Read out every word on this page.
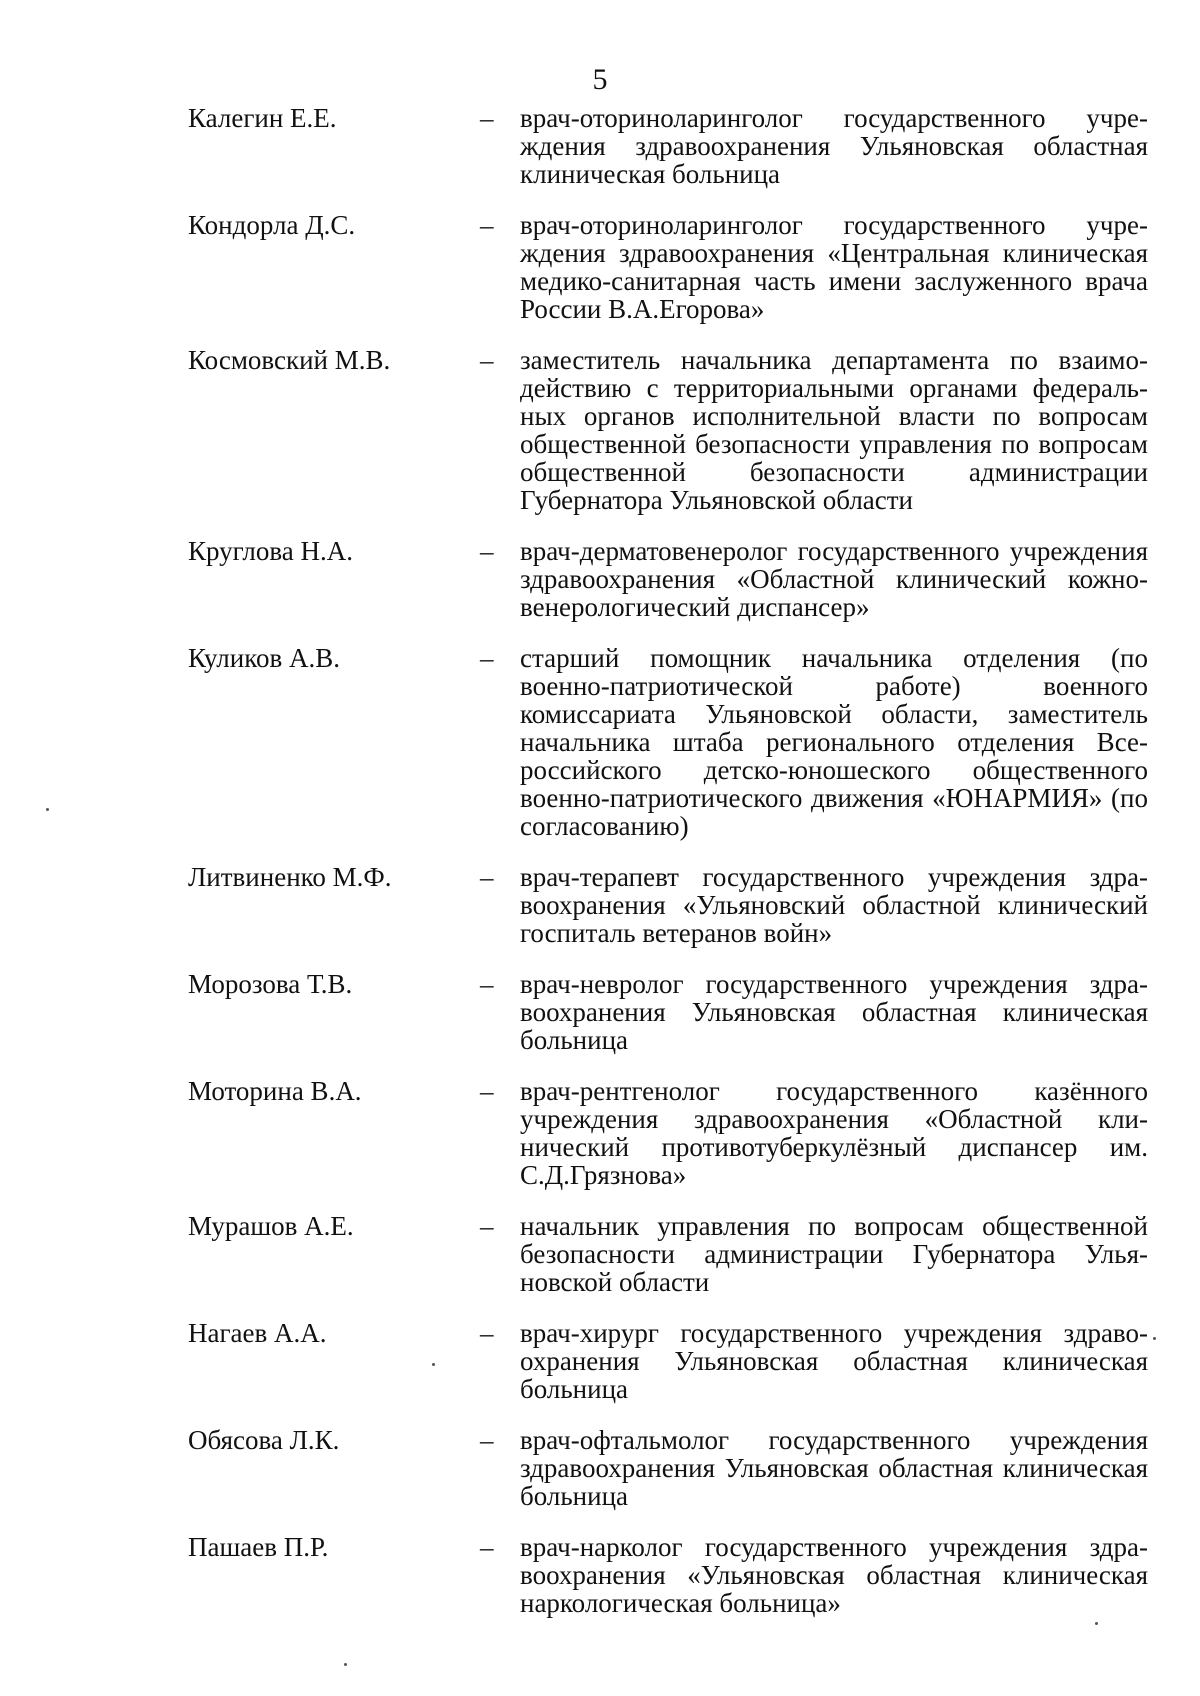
5
Калегин Е.Е.	– врач-оториноларинголог государственного учреждения здравоохранения Ульяновская областная клиническая больница
Кондорла Д.С.	– врач-оториноларинголог государственного учреждения здравоохранения «Центральная клиническая медико-санитарная часть имени заслуженного врача России В.А.Егорова»
Космовский М.В.	– заместитель начальника департамента по взаимодействию с территориальными органами федеральных органов исполнительной власти по вопросам общественной безопасности управления по вопросам общественной безопасности администрации Губернатора Ульяновской области
Круглова Н.А.	– врач-дерматовенеролог государственного учреждения здравоохранения «Областной клинический кожно-венерологический диспансер»
Куликов А.В.	– старший помощник начальника отделения (по военно-патриотической работе) военного комиссариата Ульяновской области, заместитель начальника штаба регионального отделения Всероссийского детско-юношеского общественного военно-патриотического движения «ЮНАРМИЯ» (по согласованию)
Литвиненко М.Ф.	– врач-терапевт государственного учреждения здравоохранения «Ульяновский областной клинический госпиталь ветеранов войн»
Морозова Т.В.	– врач-невролог государственного учреждения здравоохранения Ульяновская областная клиническая больница
Моторина В.А.	– врач-рентгенолог государственного казённого учреждения здравоохранения «Областной клинический противотуберкулёзный диспансер им. С.Д.Грязнова»
Мурашов А.Е.	– начальник управления по вопросам общественной безопасности администрации Губернатора Ульяновской области
Нагаев А.А.	– врач-хирург государственного учреждения здравоохранения Ульяновская областная клиническая больница
Обясова Л.К.	– врач-офтальмолог государственного учреждения здравоохранения Ульяновская областная клиническая больница
Пашаев П.Р.	– врач-нарколог государственного учреждения здравоохранения «Ульяновская областная клиническая наркологическая больница»
